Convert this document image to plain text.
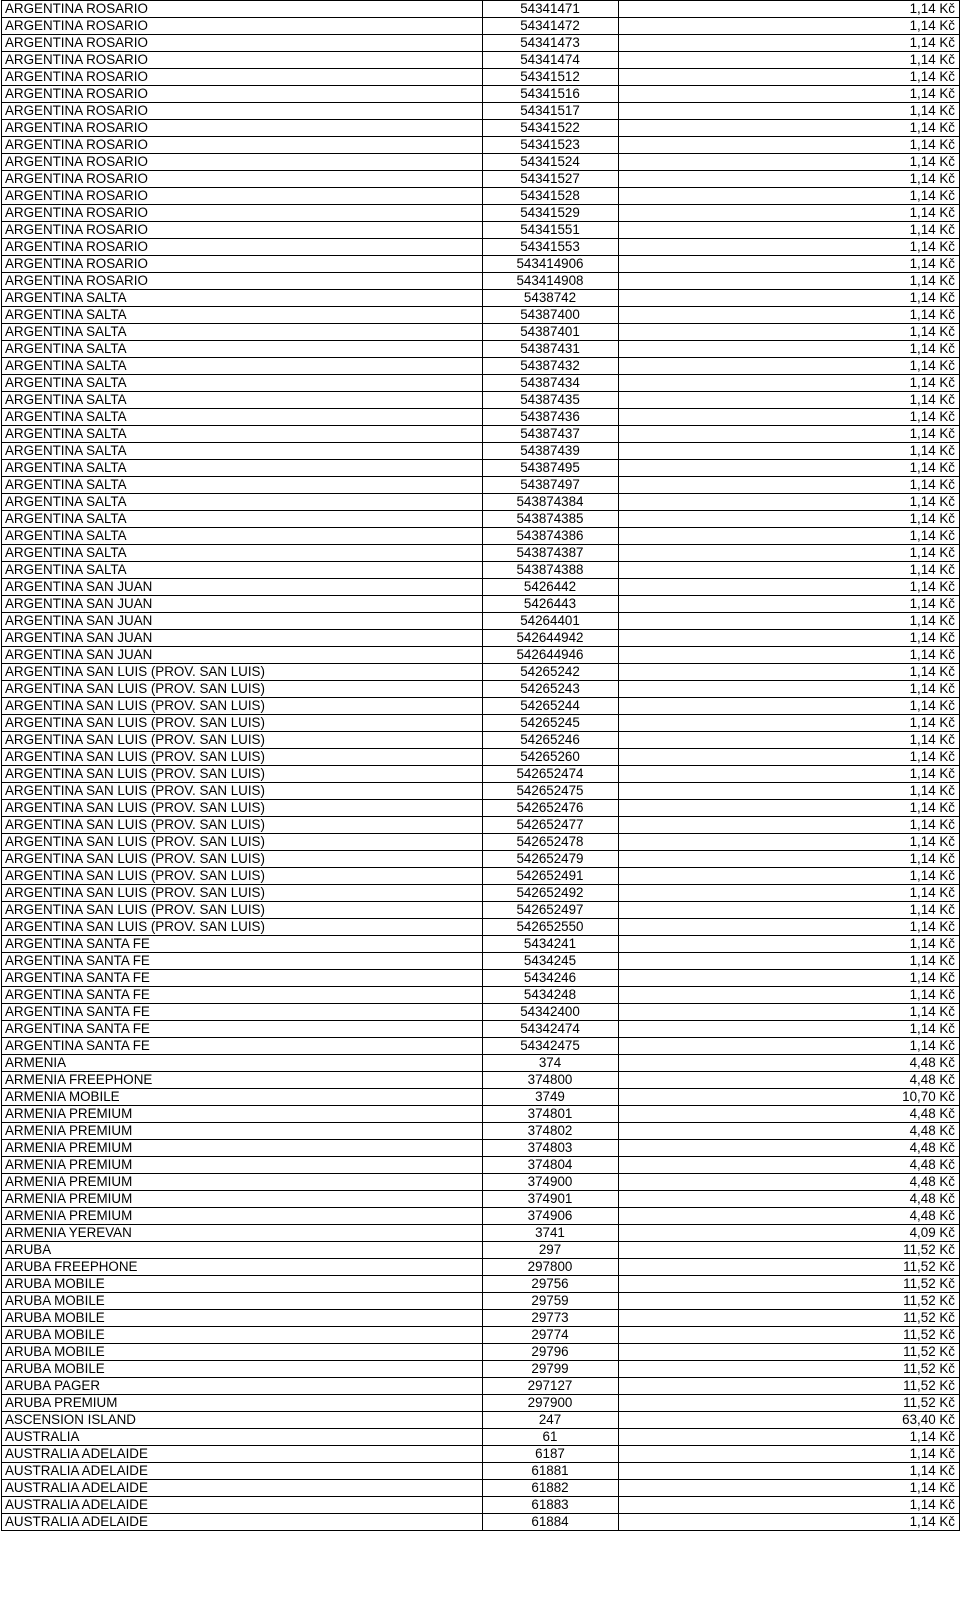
ARGENTINA ROSARIO	54341471	1,14 Kč
ARGENTINA ROSARIO	54341472	1,14 Kč
ARGENTINA ROSARIO	54341473	1,14 Kč
ARGENTINA ROSARIO	54341474	1,14 Kč
ARGENTINA ROSARIO	54341512	1,14 Kč
ARGENTINA ROSARIO	54341516	1,14 Kč
ARGENTINA ROSARIO	54341517	1,14 Kč
ARGENTINA ROSARIO	54341522	1,14 Kč
ARGENTINA ROSARIO	54341523	1,14 Kč
ARGENTINA ROSARIO	54341524	1,14 Kč
ARGENTINA ROSARIO	54341527	1,14 Kč
ARGENTINA ROSARIO	54341528	1,14 Kč
ARGENTINA ROSARIO	54341529	1,14 Kč
ARGENTINA ROSARIO	54341551	1,14 Kč
ARGENTINA ROSARIO	54341553	1,14 Kč
ARGENTINA ROSARIO	543414906	1,14 Kč
ARGENTINA ROSARIO	543414908	1,14 Kč
ARGENTINA SALTA	5438742	1,14 Kč
ARGENTINA SALTA	54387400	1,14 Kč
ARGENTINA SALTA	54387401	1,14 Kč
ARGENTINA SALTA	54387431	1,14 Kč
ARGENTINA SALTA	54387432	1,14 Kč
ARGENTINA SALTA	54387434	1,14 Kč
ARGENTINA SALTA	54387435	1,14 Kč
ARGENTINA SALTA	54387436	1,14 Kč
ARGENTINA SALTA	54387437	1,14 Kč
ARGENTINA SALTA	54387439	1,14 Kč
ARGENTINA SALTA	54387495	1,14 Kč
ARGENTINA SALTA	54387497	1,14 Kč
ARGENTINA SALTA	543874384	1,14 Kč
ARGENTINA SALTA	543874385	1,14 Kč
ARGENTINA SALTA	543874386	1,14 Kč
ARGENTINA SALTA	543874387	1,14 Kč
ARGENTINA SALTA	543874388	1,14 Kč
ARGENTINA SAN JUAN	5426442	1,14 Kč
ARGENTINA SAN JUAN	5426443	1,14 Kč
ARGENTINA SAN JUAN	54264401	1,14 Kč
ARGENTINA SAN JUAN	542644942	1,14 Kč
ARGENTINA SAN JUAN	542644946	1,14 Kč
ARGENTINA SAN LUIS (PROV. SAN LUIS)	54265242	1,14 Kč
ARGENTINA SAN LUIS (PROV. SAN LUIS)	54265243	1,14 Kč
ARGENTINA SAN LUIS (PROV. SAN LUIS)	54265244	1,14 Kč
ARGENTINA SAN LUIS (PROV. SAN LUIS)	54265245	1,14 Kč
ARGENTINA SAN LUIS (PROV. SAN LUIS)	54265246	1,14 Kč
ARGENTINA SAN LUIS (PROV. SAN LUIS)	54265260	1,14 Kč
ARGENTINA SAN LUIS (PROV. SAN LUIS)	542652474	1,14 Kč
ARGENTINA SAN LUIS (PROV. SAN LUIS)	542652475	1,14 Kč
ARGENTINA SAN LUIS (PROV. SAN LUIS)	542652476	1,14 Kč
ARGENTINA SAN LUIS (PROV. SAN LUIS)	542652477	1,14 Kč
ARGENTINA SAN LUIS (PROV. SAN LUIS)	542652478	1,14 Kč
ARGENTINA SAN LUIS (PROV. SAN LUIS)	542652479	1,14 Kč
ARGENTINA SAN LUIS (PROV. SAN LUIS)	542652491	1,14 Kč
ARGENTINA SAN LUIS (PROV. SAN LUIS)	542652492	1,14 Kč
ARGENTINA SAN LUIS (PROV. SAN LUIS)	542652497	1,14 Kč
ARGENTINA SAN LUIS (PROV. SAN LUIS)	542652550	1,14 Kč
ARGENTINA SANTA FE	5434241	1,14 Kč
ARGENTINA SANTA FE	5434245	1,14 Kč
ARGENTINA SANTA FE	5434246	1,14 Kč
ARGENTINA SANTA FE	5434248	1,14 Kč
ARGENTINA SANTA FE	54342400	1,14 Kč
ARGENTINA SANTA FE	54342474	1,14 Kč
ARGENTINA SANTA FE	54342475	1,14 Kč
ARMENIA	374	4,48 Kč
ARMENIA FREEPHONE	374800	4,48 Kč
ARMENIA MOBILE	3749	10,70 Kč
ARMENIA PREMIUM	374801	4,48 Kč
ARMENIA PREMIUM	374802	4,48 Kč
ARMENIA PREMIUM	374803	4,48 Kč
ARMENIA PREMIUM	374804	4,48 Kč
ARMENIA PREMIUM	374900	4,48 Kč
ARMENIA PREMIUM	374901	4,48 Kč
ARMENIA PREMIUM	374906	4,48 Kč
ARMENIA YEREVAN	3741	4,09 Kč
ARUBA	297	11,52 Kč
ARUBA FREEPHONE	297800	11,52 Kč
ARUBA MOBILE	29756	11,52 Kč
ARUBA MOBILE	29759	11,52 Kč
ARUBA MOBILE	29773	11,52 Kč
ARUBA MOBILE	29774	11,52 Kč
ARUBA MOBILE	29796	11,52 Kč
ARUBA MOBILE	29799	11,52 Kč
ARUBA PAGER	297127	11,52 Kč
ARUBA PREMIUM	297900	11,52 Kč
ASCENSION ISLAND	247	63,40 Kč
AUSTRALIA	61	1,14 Kč
AUSTRALIA ADELAIDE	6187	1,14 Kč
AUSTRALIA ADELAIDE	61881	1,14 Kč
AUSTRALIA ADELAIDE	61882	1,14 Kč
AUSTRALIA ADELAIDE	61883	1,14 Kč
AUSTRALIA ADELAIDE	61884	1,14 Kč
